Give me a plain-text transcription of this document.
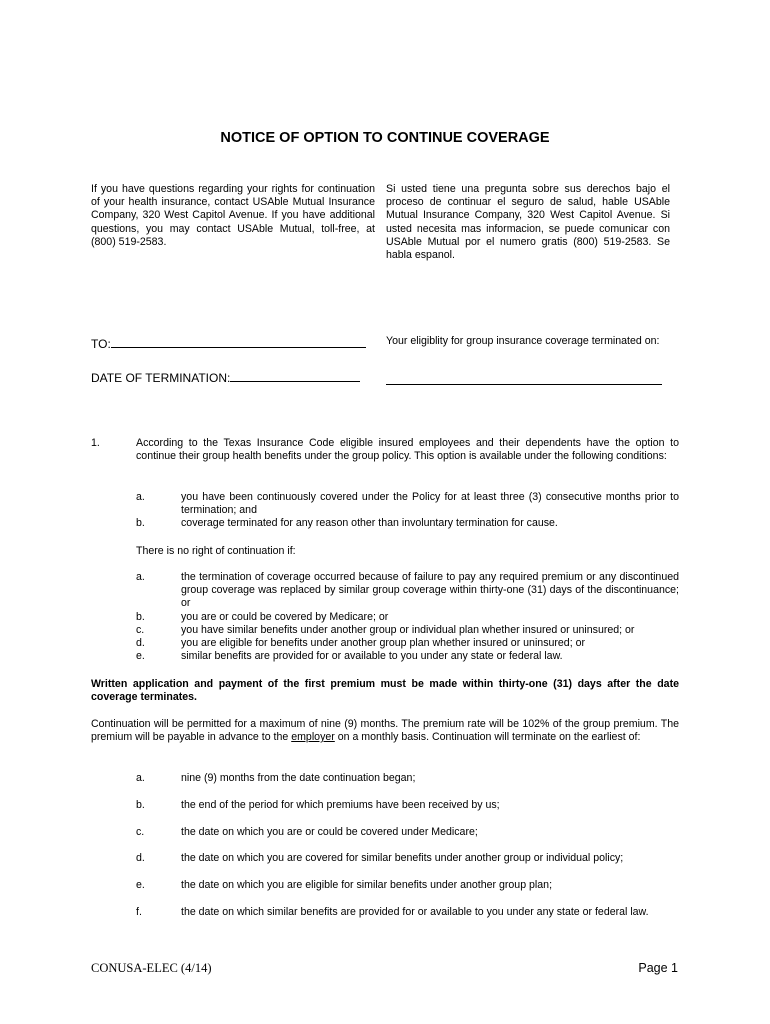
NOTICE OF OPTION TO CONTINUE COVERAGE
If you have questions regarding your rights for continuation of your health insurance, contact USAble Mutual Insurance Company, 320 West Capitol Avenue. If you have additional questions, you may contact USAble Mutual, toll-free, at (800) 519-2583.
Si usted tiene una pregunta sobre sus derechos bajo el proceso de continuar el seguro de salud, hable USAble Mutual Insurance Company, 320 West Capitol Avenue. Si usted necesita mas informacion, se puede comunicar con USAble Mutual por el numero gratis (800) 519-2583. Se habla espanol.
TO:	Your eligiblity for group insurance coverage terminated on:
DATE OF TERMINATION:
1.	According to the Texas Insurance Code eligible insured employees and their dependents have the option to continue their group health benefits under the group policy. This option is available under the following conditions:
a.	you have been continuously covered under the Policy for at least three (3) consecutive months prior to termination; and
b.	coverage terminated for any reason other than involuntary termination for cause.
There is no right of continuation if:
a.	the termination of coverage occurred because of failure to pay any required premium or any discontinued group coverage was replaced by similar group coverage within thirty-one (31) days of the discontinuance; or
b.	you are or could be covered by Medicare; or
c.	you have similar benefits under another group or individual plan whether insured or uninsured; or
d.	you are eligible for benefits under another group plan whether insured or uninsured; or
e.	similar benefits are provided for or available to you under any state or federal law.
Written application and payment of the first premium must be made within thirty-one (31) days after the date coverage terminates.
Continuation will be permitted for a maximum of nine (9) months. The premium rate will be 102% of the group premium. The premium will be payable in advance to the employer on a monthly basis. Continuation will terminate on the earliest of:
a.	nine (9) months from the date continuation began;
b.	the end of the period for which premiums have been received by us;
c.	the date on which you are or could be covered under Medicare;
d.	the date on which you are covered for similar benefits under another group or individual policy;
e.	the date on which you are eligible for similar benefits under another group plan;
f.	the date on which similar benefits are provided for or available to you under any state or federal law.
CONUSA-ELEC (4/14)	Page 1
